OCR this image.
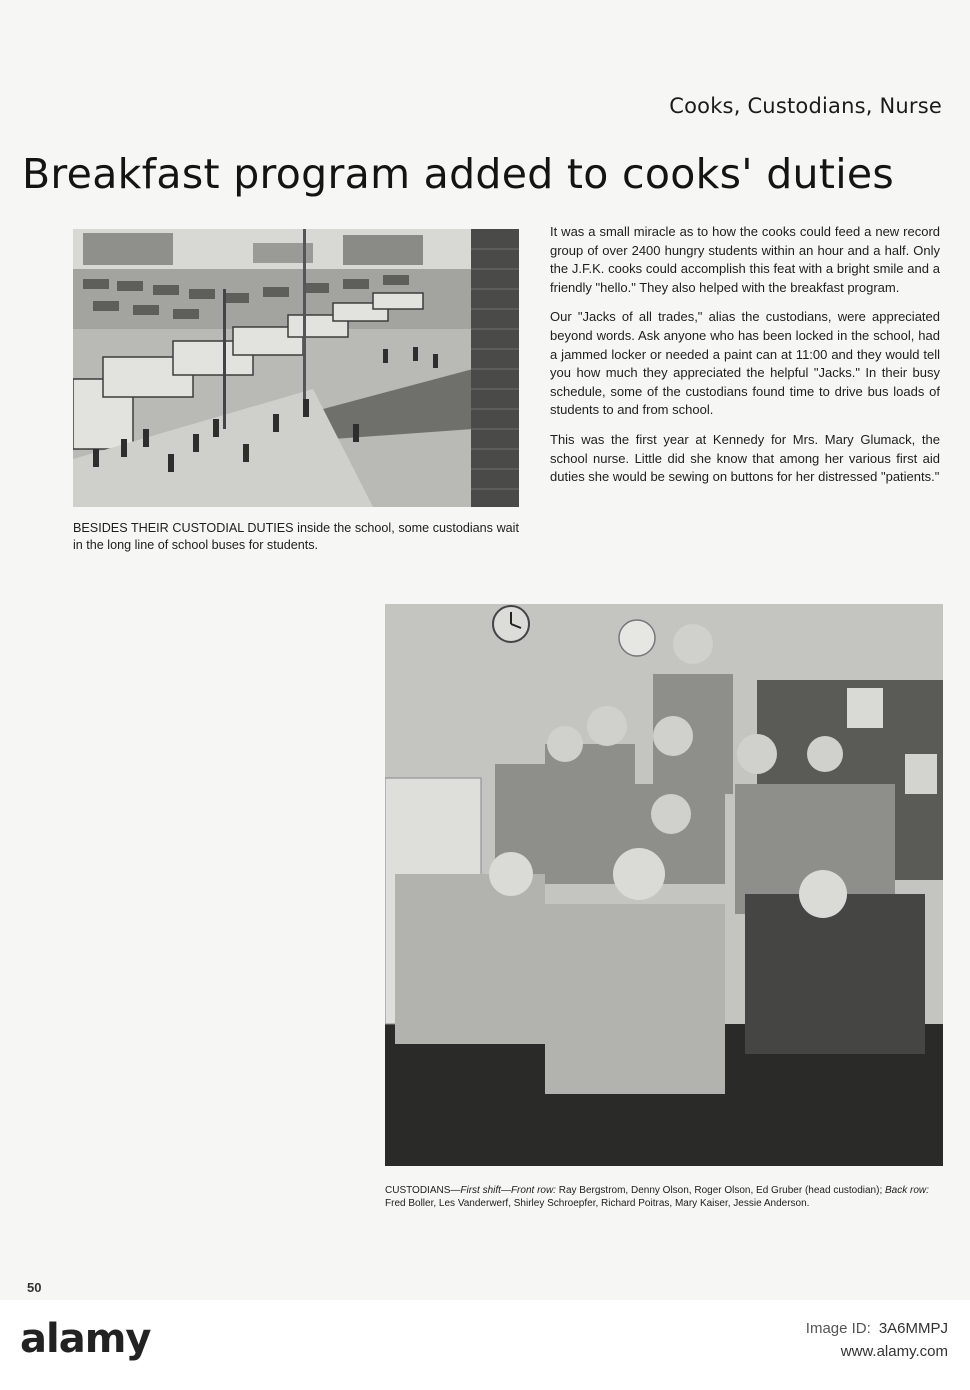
Cooks, Custodians, Nurse
Breakfast program added to cooks' duties
BESIDES THEIR CUSTODIAL DUTIES inside the school, some custodians wait in the long line of school buses for students.

It was a small miracle as to how the cooks could feed a new record group of over 2400 hungry students within an hour and a half. Only the J.F.K. cooks could accomplish this feat with a bright smile and a friendly "hello." They also helped with the breakfast program.

Our "Jacks of all trades," alias the custodians, were appreciated beyond words. Ask anyone who has been locked in the school, had a jammed locker or needed a paint can at 11:00 and they would tell you how much they appreciated the helpful "Jacks." In their busy schedule, some of the custodians found time to drive bus loads of students to and from school.

This was the first year at Kennedy for Mrs. Mary Glumack, the school nurse. Little did she know that among her various first aid duties she would be sewing on buttons for her distressed "patients."

CUSTODIANS—First shift—Front row: Ray Bergstrom, Denny Olson, Roger Olson, Ed Gruber (head custodian); Back row: Fred Boller, Les Vanderwerf, Shirley Schroepfer, Richard Poitras, Mary Kaiser, Jessie Anderson.
50
alamy	Image ID: 3A6MMPJ
www.alamy.com
